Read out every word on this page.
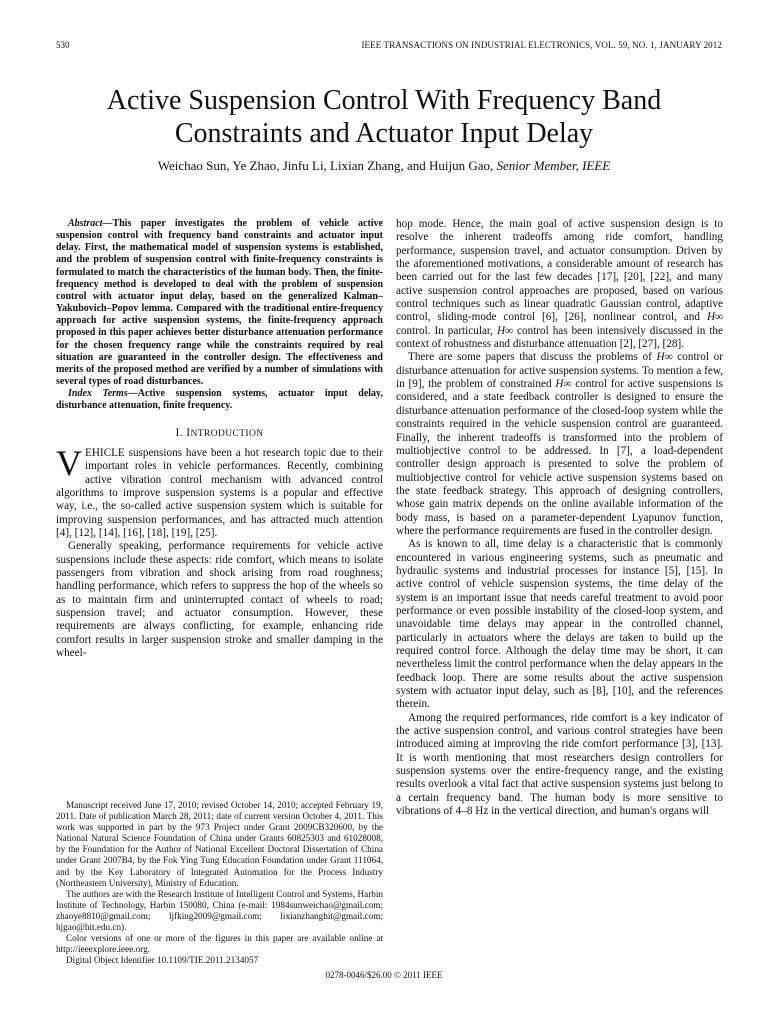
530	IEEE TRANSACTIONS ON INDUSTRIAL ELECTRONICS, VOL. 59, NO. 1, JANUARY 2012
Active Suspension Control With Frequency Band Constraints and Actuator Input Delay
Weichao Sun, Ye Zhao, Jinfu Li, Lixian Zhang, and Huijun Gao, Senior Member, IEEE

Abstract—This paper investigates the problem of vehicle active suspension control with frequency band constraints and actuator input delay. First, the mathematical model of suspension systems is established, and the problem of suspension control with finite-frequency constraints is formulated to match the characteristics of the human body. Then, the finite-frequency method is developed to deal with the problem of suspension control with actuator input delay, based on the generalized Kalman–Yakubovich–Popov lemma. Compared with the traditional entire-frequency approach for active suspension systems, the finite-frequency approach proposed in this paper achieves better disturbance attenuation performance for the chosen frequency range while the constraints required by real situation are guaranteed in the controller design. The effectiveness and merits of the proposed method are verified by a number of simulations with several types of road disturbances.

Index Terms—Active suspension systems, actuator input delay, disturbance attenuation, finite frequency.

I. INTRODUCTION

VEHICLE suspensions have been a hot research topic due to their important roles in vehicle performances. Recently, combining active vibration control mechanism with advanced control algorithms to improve suspension systems is a popular and effective way, i.e., the so-called active suspension system which is suitable for improving suspension performances, and has attracted much attention [4], [12], [14], [16], [18], [19], [25].

Generally speaking, performance requirements for vehicle active suspensions include these aspects: ride comfort, which means to isolate passengers from vibration and shock arising from road roughness; handling performance, which refers to suppress the hop of the wheels so as to maintain firm and uninterrupted contact of wheels to road; suspension travel; and actuator consumption. However, these requirements are always conflicting, for example, enhancing ride comfort results in larger suspension stroke and smaller damping in the wheel-

Manuscript received June 17, 2010; revised October 14, 2010; accepted February 19, 2011. Date of publication March 28, 2011; date of current version October 4, 2011. This work was supported in part by the 973 Project under Grant 2009CB320600, by the National Natural Science Foundation of China under Grants 60825303 and 61028008, by the Foundation for the Author of National Excellent Doctoral Dissertation of China under Grant 2007B4, by the Fok Ying Tung Education Foundation under Grant 111064, and by the Key Laboratory of Integrated Automation for the Process Industry (Northeastern University), Ministry of Education.

The authors are with the Research Institute of Intelligent Control and Systems, Harbin Institute of Technology, Harbin 150080, China (e-mail: 1984sunweichao@gmail.com; zhaoye8810@gmail.com; ljfking2009@gmail.com; lixianzhanghit@gmail.com; hjgao@hit.edu.cn).

Color versions of one or more of the figures in this paper are available online at http://ieeexplore.ieee.org.

Digital Object Identifier 10.1109/TIE.2011.2134057

hop mode. Hence, the main goal of active suspension design is to resolve the inherent tradeoffs among ride comfort, handling performance, suspension travel, and actuator consumption. Driven by the aforementioned motivations, a considerable amount of research has been carried out for the last few decades [17], [20], [22], and many active suspension control approaches are proposed, based on various control techniques such as linear quadratic Gaussian control, adaptive control, sliding-mode control [6], [26], nonlinear control, and H∞ control. In particular, H∞ control has been intensively discussed in the context of robustness and disturbance attenuation [2], [27], [28].

There are some papers that discuss the problems of H∞ control or disturbance attenuation for active suspension systems. To mention a few, in [9], the problem of constrained H∞ control for active suspensions is considered, and a state feedback controller is designed to ensure the disturbance attenuation performance of the closed-loop system while the constraints required in the vehicle suspension control are guaranteed. Finally, the inherent tradeoffs is transformed into the problem of multiobjective control to be addressed. In [7], a load-dependent controller design approach is presented to solve the problem of multiobjective control for vehicle active suspension systems based on the state feedback strategy. This approach of designing controllers, whose gain matrix depends on the online available information of the body mass, is based on a parameter-dependent Lyapunov function, where the performance requirements are fused in the controller design.

As is known to all, time delay is a characteristic that is commonly encountered in various engineering systems, such as pneumatic and hydraulic systems and industrial processes for instance [5], [15]. In active control of vehicle suspension systems, the time delay of the system is an important issue that needs careful treatment to avoid poor performance or even possible instability of the closed-loop system, and unavoidable time delays may appear in the controlled channel, particularly in actuators where the delays are taken to build up the required control force. Although the delay time may be short, it can nevertheless limit the control performance when the delay appears in the feedback loop. There are some results about the active suspension system with actuator input delay, such as [8], [10], and the references therein.

Among the required performances, ride comfort is a key indicator of the active suspension control, and various control strategies have been introduced aiming at improving the ride comfort performance [3], [13]. It is worth mentioning that most researchers design controllers for suspension systems over the entire-frequency range, and the existing results overlook a vital fact that active suspension systems just belong to a certain frequency band. The human body is more sensitive to vibrations of 4–8 Hz in the vertical direction, and human's organs will

0278-0046/$26.00 © 2011 IEEE
